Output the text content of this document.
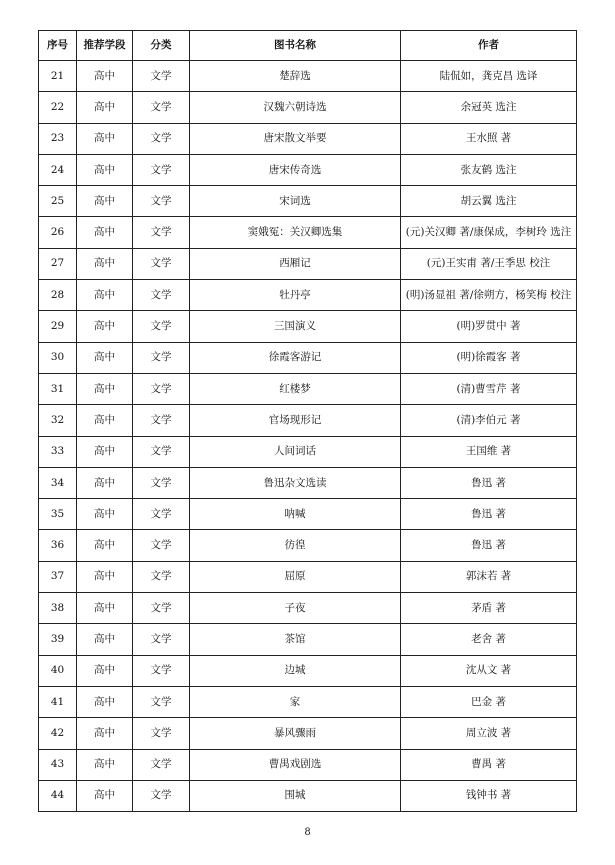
序号	推荐学段	分类	图书名称	作者
21	高中	文学	楚辞选	陆侃如，龚克昌 选译
22	高中	文学	汉魏六朝诗选	余冠英 选注
23	高中	文学	唐宋散文举要	王水照 著
24	高中	文学	唐宋传奇选	张友鹤 选注
25	高中	文学	宋词选	胡云翼 选注
26	高中	文学	窦娥冤：关汉卿选集	(元)关汉卿 著/康保成，李树玲 选注
27	高中	文学	西厢记	(元)王实甫 著/王季思 校注
28	高中	文学	牡丹亭	(明)汤显祖 著/徐朔方，杨笑梅 校注
29	高中	文学	三国演义	(明)罗贯中 著
30	高中	文学	徐霞客游记	(明)徐霞客 著
31	高中	文学	红楼梦	(清)曹雪芹 著
32	高中	文学	官场现形记	(清)李伯元 著
33	高中	文学	人间词话	王国维 著
34	高中	文学	鲁迅杂文选读	鲁迅 著
35	高中	文学	呐喊	鲁迅 著
36	高中	文学	彷徨	鲁迅 著
37	高中	文学	屈原	郭沫若 著
38	高中	文学	子夜	茅盾 著
39	高中	文学	茶馆	老舍 著
40	高中	文学	边城	沈从文 著
41	高中	文学	家	巴金 著
42	高中	文学	暴风骤雨	周立波 著
43	高中	文学	曹禺戏剧选	曹禺 著
44	高中	文学	围城	钱钟书 著
8
